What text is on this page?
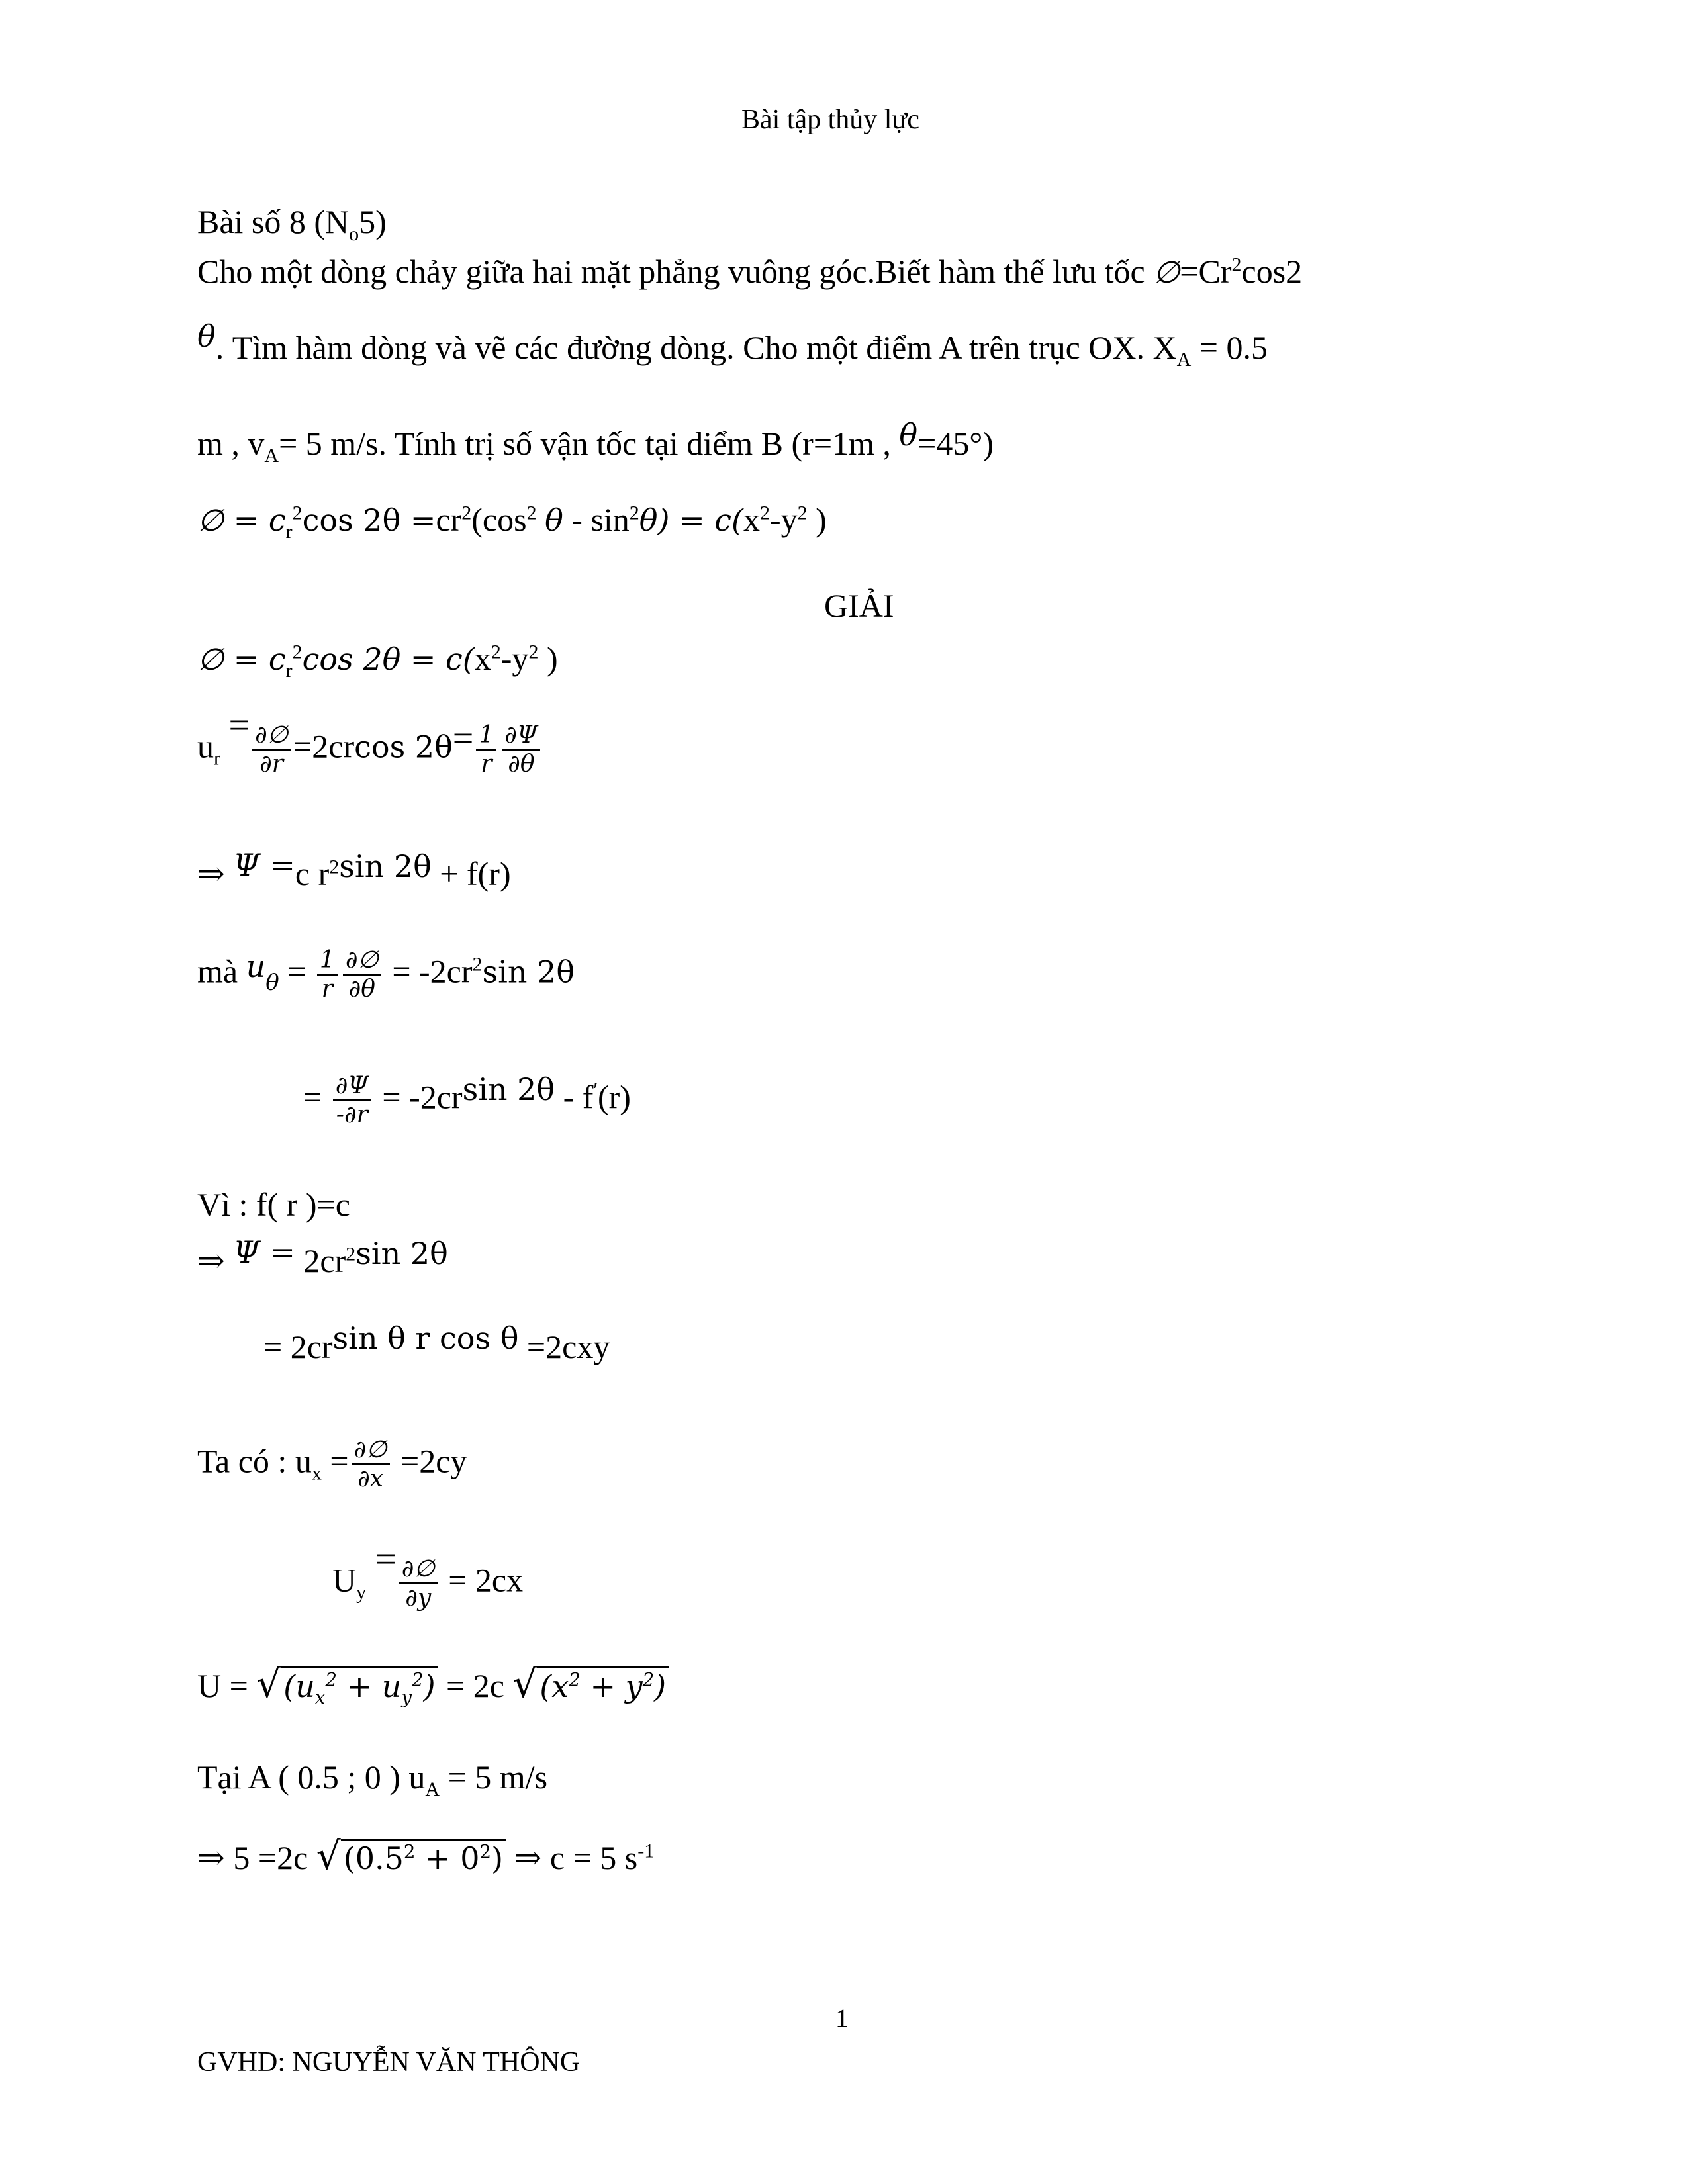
Bài tập thủy lực
Bài số 8 $(N_o5)$
Cho một dòng chảy giữa hai mặt phẳng vuông góc.Biết hàm thế lưu tốc $\emptyset=Cr^2\cos 2$
θ. Tìm hàm dòng và vẽ các đường dòng. Cho một điểm A trên trục OX. $X_A = 0.5$
m , $v_A= 5$ m/s. Tính trị số vận tốc tại diểm B (r=1m , θ=45°)
∅ = $c_r^2\cos$ $2\theta =cr^2(\cos^2$ $\theta - \sin^2\theta) = c(x^2-y^2$ )
GIẢI
∅ = $c_r^2\cos$ $2\theta = c(x^2-y^2$ )
$u_r = \frac{\partial\emptyset}{\partial r} =2crcos$ $2\theta= \frac{1}{r} \frac{\partial\Psi}{\partial\theta}$
⇒ Ψ =c $r^2\sin$ 2θ + f(r)
mà $u_\theta = \frac{1}{r} \frac{\partial\emptyset}{\partial\theta} = -2cr^2\sin$ 2θ
= $\frac{\partial\Psi}{-\partial r} = -2crsin$ 2θ - f′(r)
Vì : f( r )=c
⇒ $\Psi = 2cr^2\sin$ 2θ
= 2crsin θ r cos θ =2cxy
Ta có : $u_x = \frac{\partial\emptyset}{\partial x} =2cy$
$U_y = \frac{\partial\emptyset}{\partial y} = 2cx$
$U = √(u_x^2 + u_y^2) = 2c$ $√(x^2 + y^2)$
Tại A ( 0.5 ; 0 ) $u_A = 5$ m/s
⇒ 5 =2c $√(0.5^2 + 0^2)$ ⇒ c = 5 $s^{-1}$
1
GVHD: NGUYỄN VĂN THÔNG
